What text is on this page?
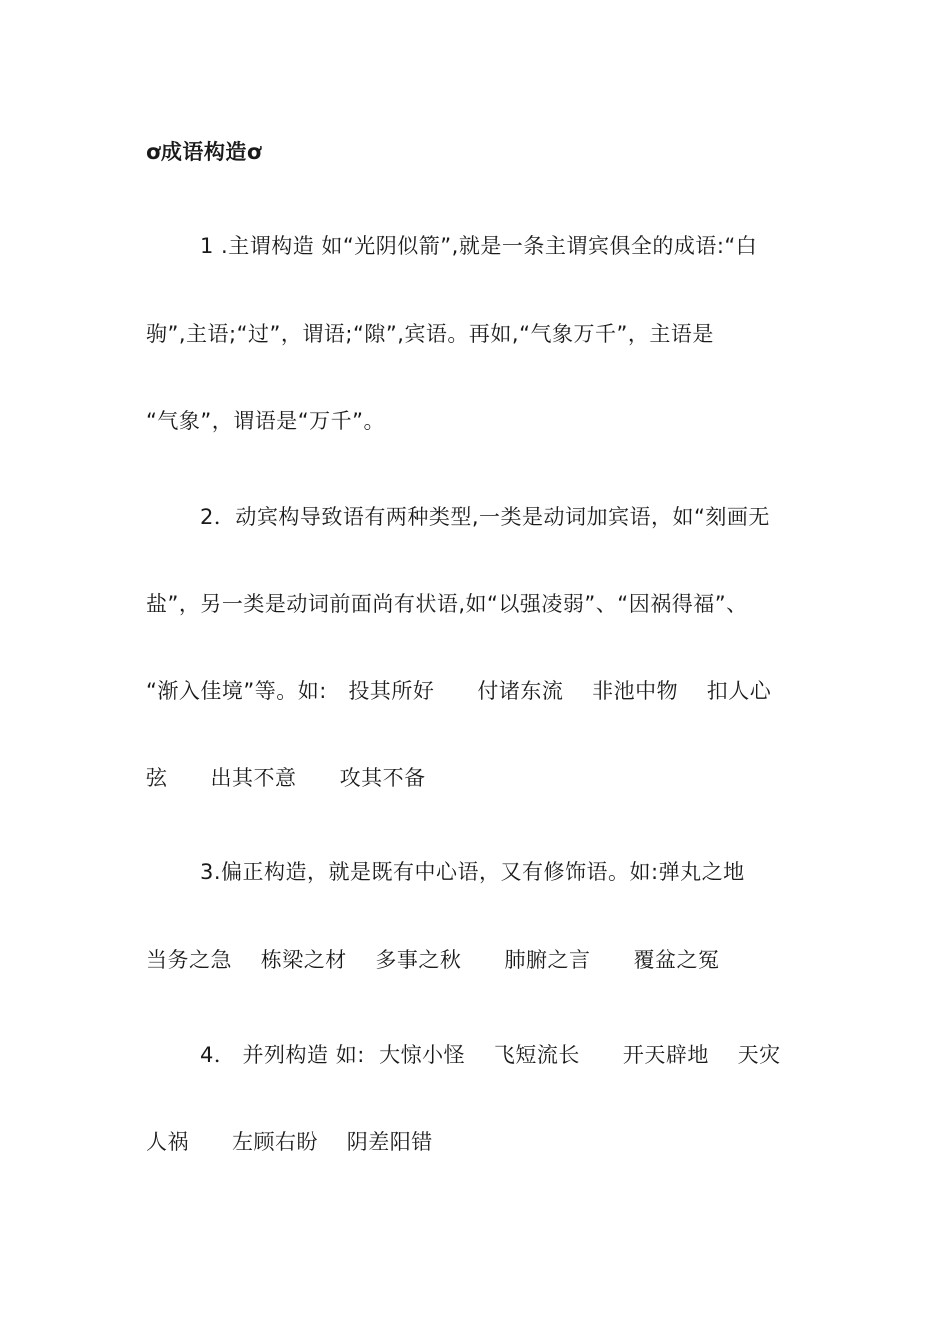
ơ成语构造ơ
1 .主谓构造 如“光阴似箭”,就是一条主谓宾俱全的成语:“白
驹”,主语;“过”，谓语;“隙”,宾语。再如,“气象万千”，主语是
“气象”，谓语是“万千”。
2．动宾构导致语有两种类型,一类是动词加宾语，如“刻画无
盐”，另一类是动词前面尚有状语,如“以强凌弱”、“因祸得福”、
“渐入佳境”等。如:   投其所好      付诸东流    非池中物    扣人心
弦      出其不意      攻其不备
3.偏正构造，就是既有中心语，又有修饰语。如:弹丸之地
当务之急    栋梁之材    多事之秋      肺腑之言      覆盆之冤
4． 并列构造 如:  大惊小怪    飞短流长      开天辟地    天灾
人祸      左顾右盼    阴差阳错
